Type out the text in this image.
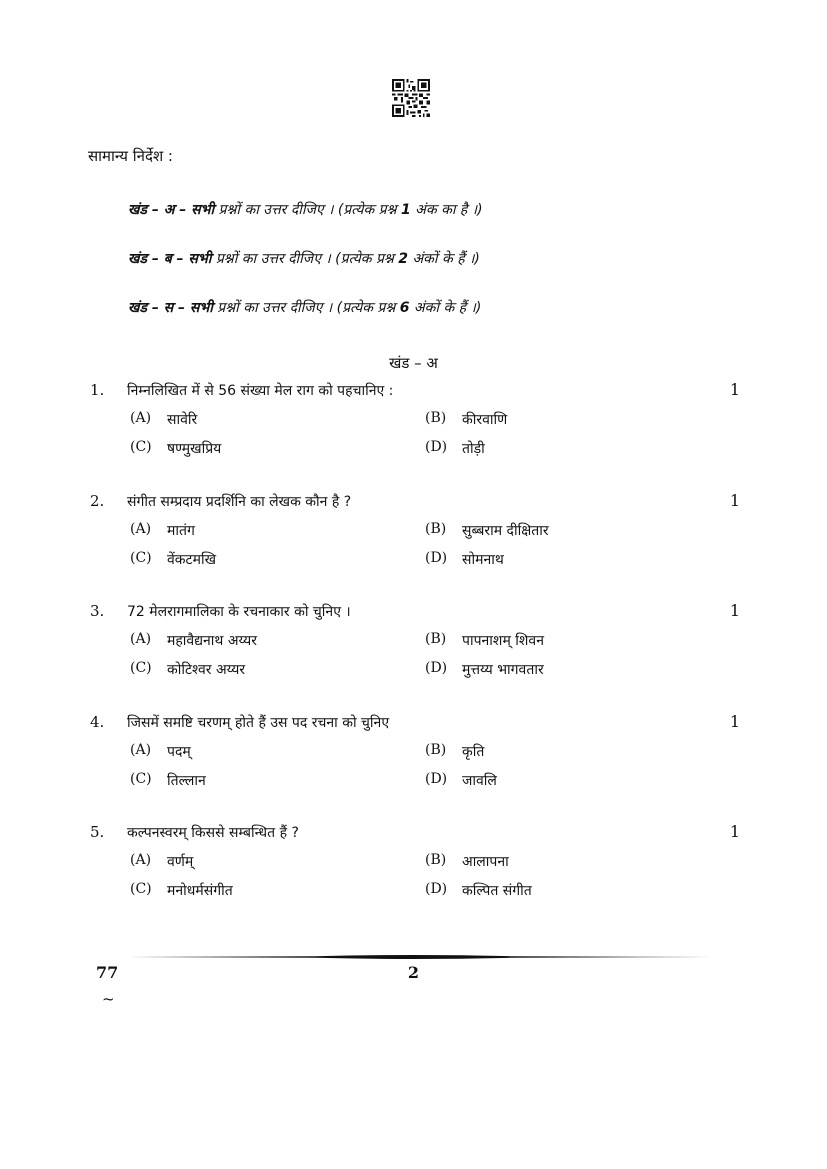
सामान्य निर्देश :
खंड – अ – सभी प्रश्नों का उत्तर दीजिए । (प्रत्येक प्रश्न 1 अंक का है ।)
खंड – ब – सभी प्रश्नों का उत्तर दीजिए । (प्रत्येक प्रश्न 2 अंकों के हैं ।)
खंड – स – सभी प्रश्नों का उत्तर दीजिए । (प्रत्येक प्रश्न 6 अंकों के हैं ।)
खंड – अ
1. निम्नलिखित में से 56 संख्या मेल राग को पहचानिए :	1
(A) सावेरि	(B) कीरवाणि
(C) षण्मुखप्रिय	(D) तोड़ी
2. संगीत सम्प्रदाय प्रदर्शिनि का लेखक कौन है ?	1
(A) मातंग	(B) सुब्बराम दीक्षितार
(C) वेंकटमखि	(D) सोमनाथ
3. 72 मेलरागमालिका के रचनाकार को चुनिए ।	1
(A) महावैद्यनाथ अय्यर	(B) पापनाशम् शिवन
(C) कोटिश्वर अय्यर	(D) मुत्तय्य भागवतार
4. जिसमें समष्टि चरणम् होते हैं उस पद रचना को चुनिए	1
(A) पदम्	(B) कृति
(C) तिल्लान	(D) जावलि
5. कल्पनस्वरम् किससे सम्बन्धित हैं ?	1
(A) वर्णम्	(B) आलापना
(C) मनोधर्मसंगीत	(D) कल्पित संगीत
77	2
~
